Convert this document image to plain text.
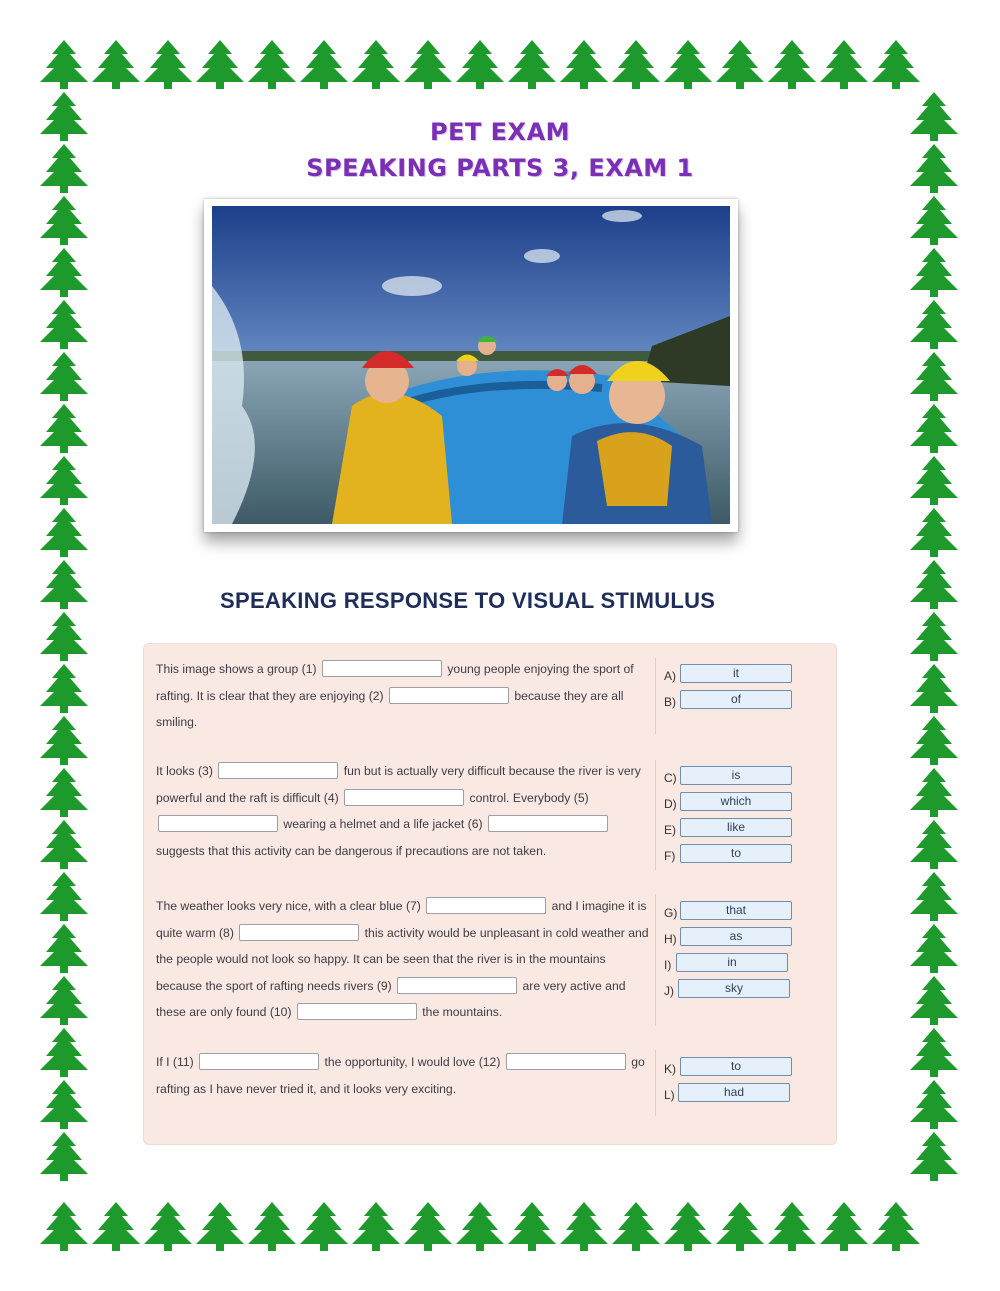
PET EXAM
SPEAKING PARTS 3, EXAM 1
SPEAKING RESPONSE TO VISUAL STIMULUS
This image shows a group (1)	young people enjoying the sport of rafting. It is clear that they are enjoying (2)	because they are all smiling.
A)	it
B)	of
It looks (3)	fun but is actually very difficult because the river is very powerful and the raft is difficult (4)	control. Everybody (5)  wearing a helmet and a life jacket (6)  suggests that this activity can be dangerous if precautions are not taken.
C)	is
D)	which
E)	like
F)	to
The weather looks very nice, with a clear blue (7)	and I imagine it is quite warm (8)	this activity would be unpleasant in cold weather and the people would not look so happy. It can be seen that the river is in the mountains because the sport of rafting needs rivers (9)	are very active and these are only found (10)	the mountains.
G)	that
H)	as
I)	in
J)	sky
If I (11)	the opportunity, I would love (12)	go rafting as I have never tried it, and it looks very exciting.
K)	to
L)	had
